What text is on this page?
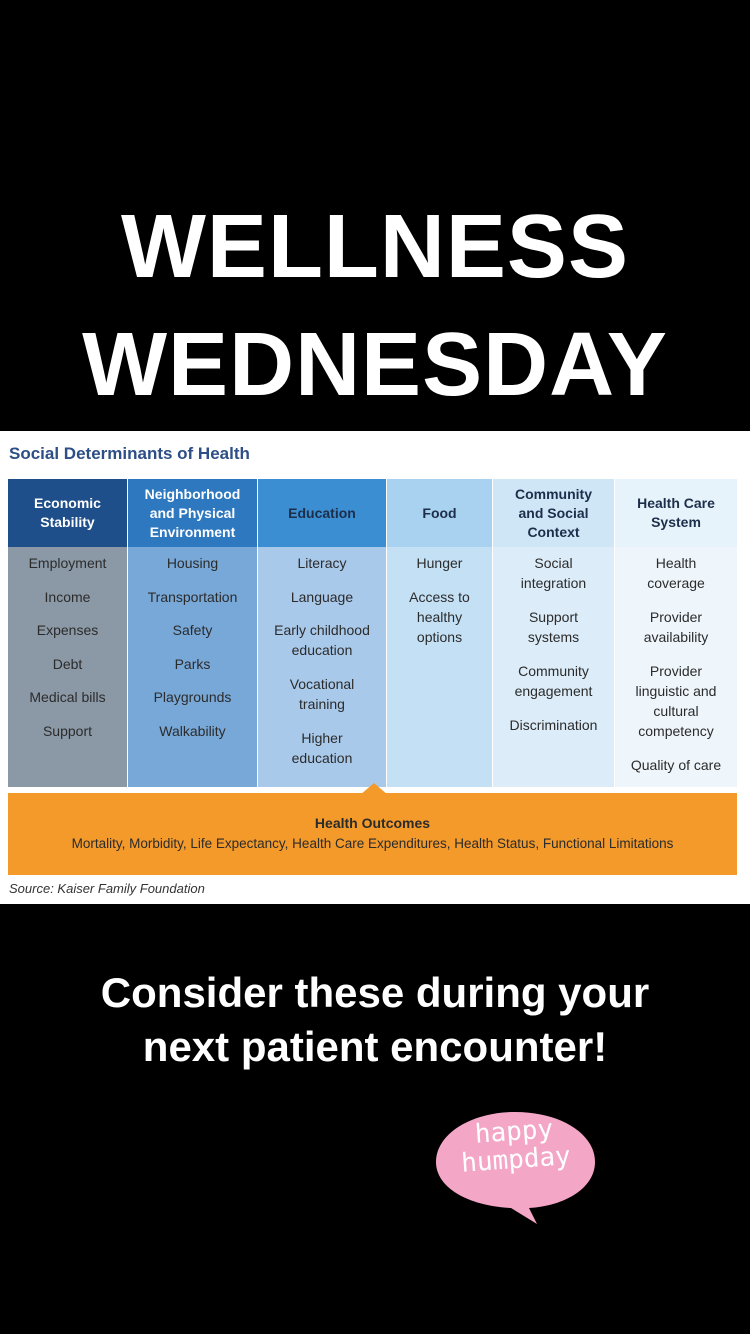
WELLNESS
WEDNESDAY
Social Determinants of Health
Economic Stability
Employment
Income
Expenses
Debt
Medical bills
Support
Neighborhood and Physical Environment
Housing
Transportation
Safety
Parks
Playgrounds
Walkability
Education
Literacy
Language
Early childhood education
Vocational training
Higher education
Food
Hunger
Access to healthy options
Community and Social Context
Social integration
Support systems
Community engagement
Discrimination
Health Care System
Health coverage
Provider availability
Provider linguistic and cultural competency
Quality of care
Health Outcomes
Mortality, Morbidity, Life Expectancy, Health Care Expenditures, Health Status, Functional Limitations
Source: Kaiser Family Foundation
Consider these during your
next patient encounter!
happy
humpday
